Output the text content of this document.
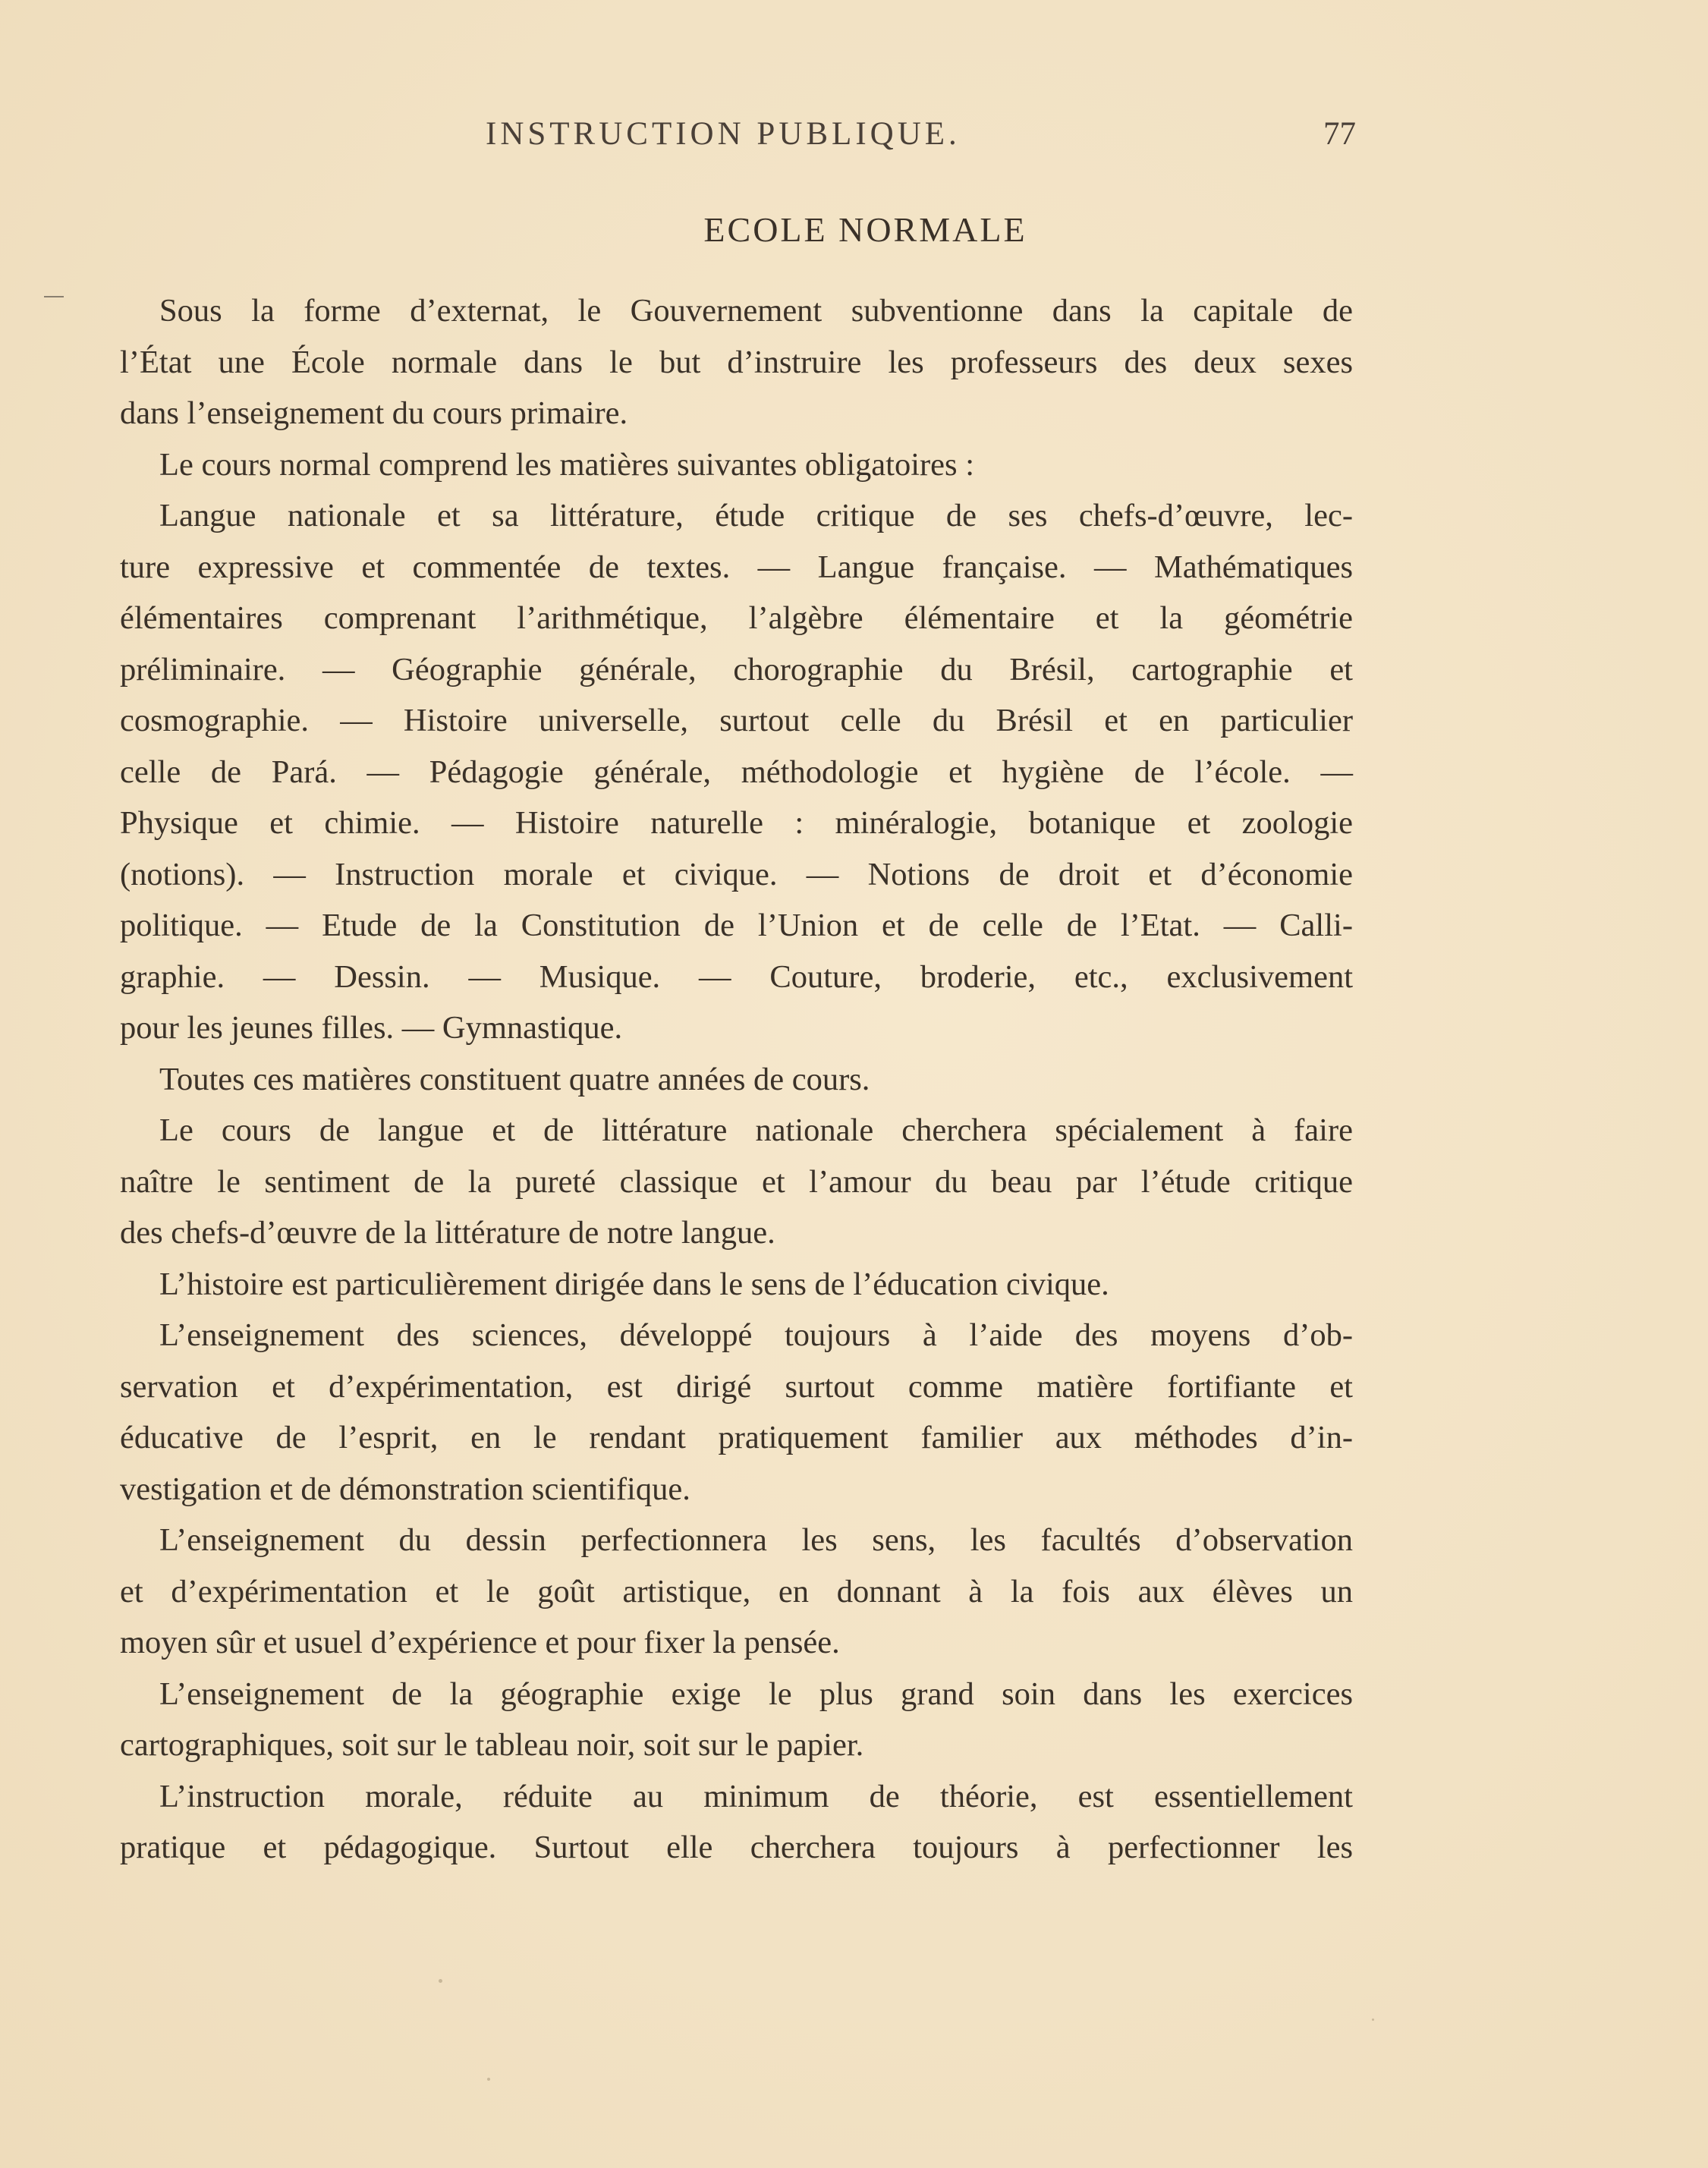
INSTRUCTION PUBLIQUE.	77
ECOLE NORMALE
Sous la forme d’externat, le Gouvernement subventionne dans la capitale de
l’État une École normale dans le but d’instruire les professeurs des deux sexes
dans l’enseignement du cours primaire.
Le cours normal comprend les matières suivantes obligatoires :
Langue nationale et sa littérature, étude critique de ses chefs-d’œuvre, lec-
ture expressive et commentée de textes. — Langue française. — Mathématiques
élémentaires comprenant l’arithmétique, l’algèbre élémentaire et la géométrie
préliminaire. — Géographie générale, chorographie du Brésil, cartographie et
cosmographie. — Histoire universelle, surtout celle du Brésil et en particulier
celle de Pará. — Pédagogie générale, méthodologie et hygiène de l’école. —
Physique et chimie. — Histoire naturelle : minéralogie, botanique et zoologie
(notions). — Instruction morale et civique. — Notions de droit et d’économie
politique. — Etude de la Constitution de l’Union et de celle de l’Etat. — Calli-
graphie. — Dessin. — Musique. — Couture, broderie, etc., exclusivement
pour les jeunes filles. — Gymnastique.
Toutes ces matières constituent quatre années de cours.
Le cours de langue et de littérature nationale cherchera spécialement à faire
naître le sentiment de la pureté classique et l’amour du beau par l’étude critique
des chefs-d’œuvre de la littérature de notre langue.
L’histoire est particulièrement dirigée dans le sens de l’éducation civique.
L’enseignement des sciences, développé toujours à l’aide des moyens d’ob-
servation et d’expérimentation, est dirigé surtout comme matière fortifiante et
éducative de l’esprit, en le rendant pratiquement familier aux méthodes d’in-
vestigation et de démonstration scientifique.
L’enseignement du dessin perfectionnera les sens, les facultés d’observation
et d’expérimentation et le goût artistique, en donnant à la fois aux élèves un
moyen sûr et usuel d’expérience et pour fixer la pensée.
L’enseignement de la géographie exige le plus grand soin dans les exercices
cartographiques, soit sur le tableau noir, soit sur le papier.
L’instruction morale, réduite au minimum de théorie, est essentiellement
pratique et pédagogique. Surtout elle cherchera toujours à perfectionner les
